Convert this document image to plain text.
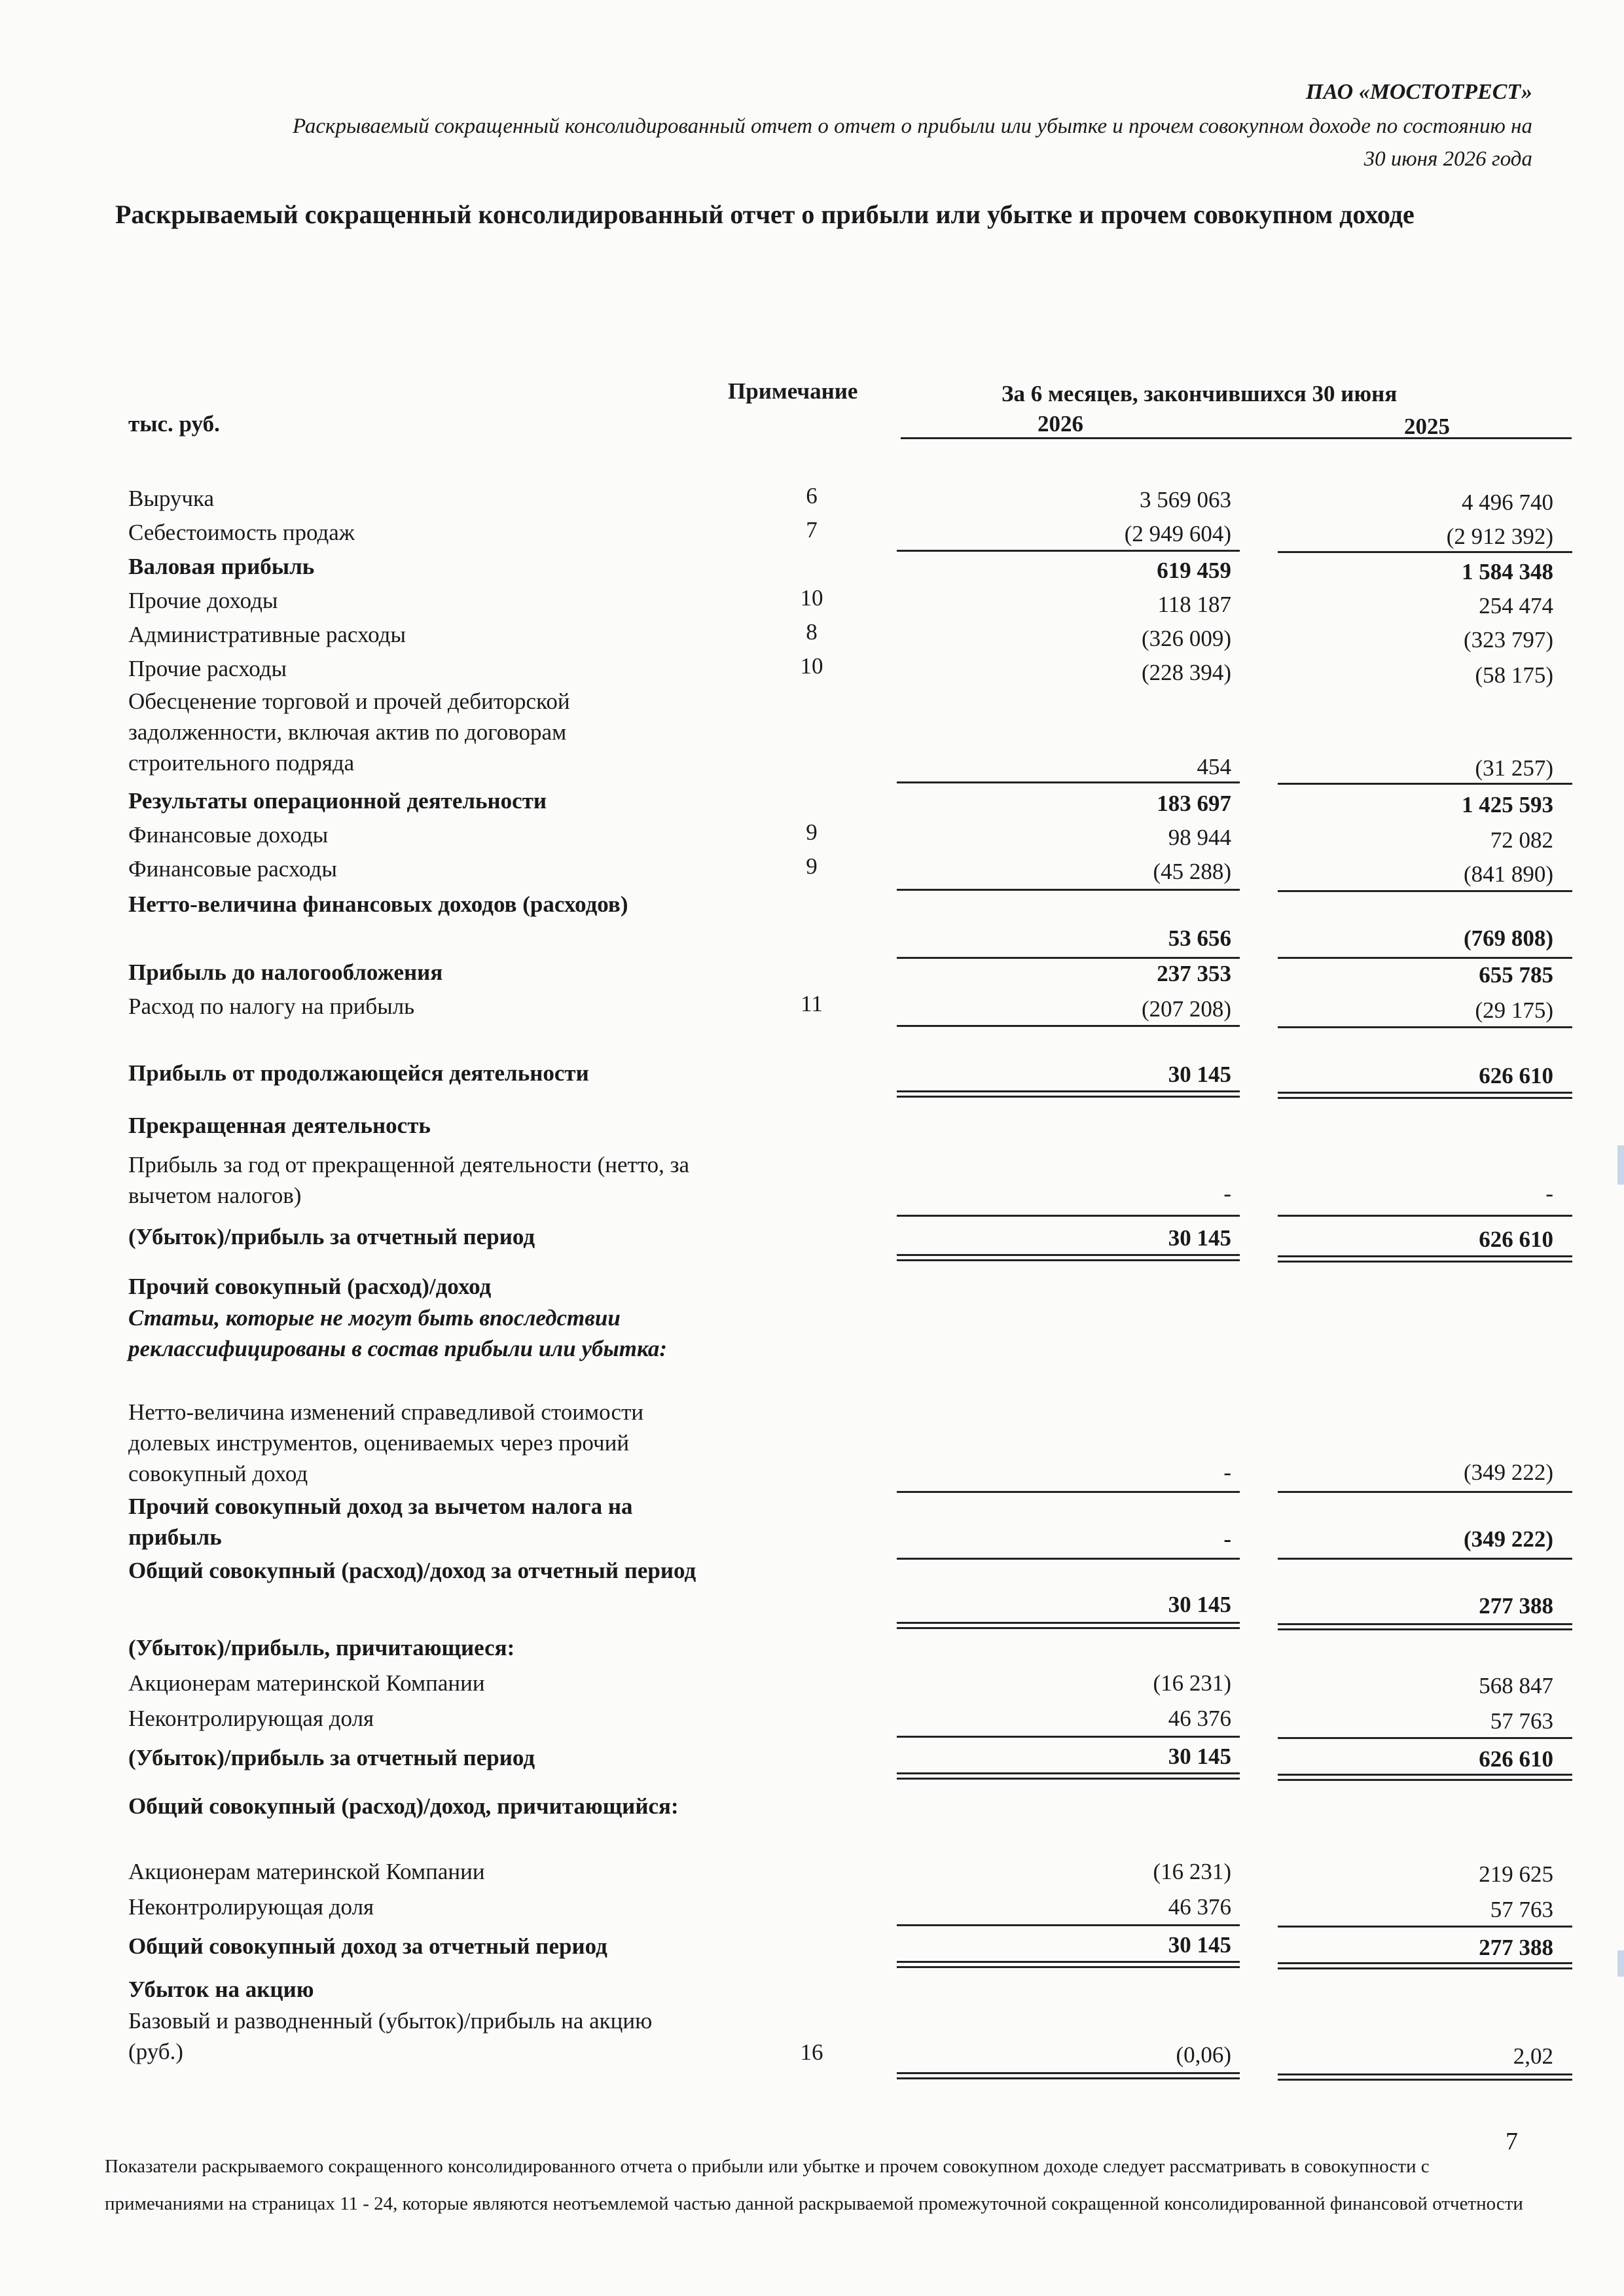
ПАО «МОСТОТРЕСТ»
Раскрываемый сокращенный консолидированный отчет о отчет о прибыли или убытке и прочем совокупном доходе по состоянию на
30 июня 2026 года
Раскрываемый сокращенный консолидированный отчет о прибыли или убытке и прочем совокупном доходе
тыс. руб.
Примечание	За 6 месяцев, закончившихся 30 июня
2026	2025
Выручка	6	3 569 063	4 496 740
Себестоимость продаж	7	(2 949 604)	(2 912 392)
Валовая прибыль	619 459	1 584 348
Прочие доходы	10	118 187	254 474
Административные расходы	8	(326 009)	(323 797)
Прочие расходы	10	(228 394)	(58 175)
Обесценение торговой и прочей дебиторской задолженности, включая актив по договорам строительного подряда	454	(31 257)
Результаты операционной деятельности	183 697	1 425 593
Финансовые доходы	9	98 944	72 082
Финансовые расходы	9	(45 288)	(841 890)
Нетто-величина финансовых доходов (расходов)
53 656	(769 808)
Прибыль до налогообложения	237 353	655 785
Расход по налогу на прибыль	11	(207 208)	(29 175)
Прибыль от продолжающейся деятельности	30 145	626 610
Прекращенная деятельность
Прибыль за год от прекращенной деятельности (нетто, за вычетом налогов)	-	-
(Убыток)/прибыль за отчетный период	30 145	626 610
Прочий совокупный (расход)/доход
Статьи, которые не могут быть впоследствии реклассифицированы в состав прибыли или убытка:
Нетто-величина изменений справедливой стоимости долевых инструментов, оцениваемых через прочий совокупный доход	-	(349 222)
Прочий совокупный доход за вычетом налога на прибыль	-	(349 222)
Общий совокупный (расход)/доход за отчетный период
30 145	277 388
(Убыток)/прибыль, причитающиеся:
Акционерам материнской Компании	(16 231)	568 847
Неконтролирующая доля	46 376	57 763
(Убыток)/прибыль за отчетный период	30 145	626 610
Общий совокупный (расход)/доход, причитающийся:
Акционерам материнской Компании	(16 231)	219 625
Неконтролирующая доля	46 376	57 763
Общий совокупный доход за отчетный период	30 145	277 388
Убыток на акцию
Базовый и разводненный (убыток)/прибыль на акцию (руб.)	16	(0,06)	2,02
7
Показатели раскрываемого сокращенного консолидированного отчета о прибыли или убытке и прочем совокупном доходе следует рассматривать в совокупности с примечаниями на страницах 11 - 24, которые являются неотъемлемой частью данной раскрываемой промежуточной сокращенной консолидированной финансовой отчетности
